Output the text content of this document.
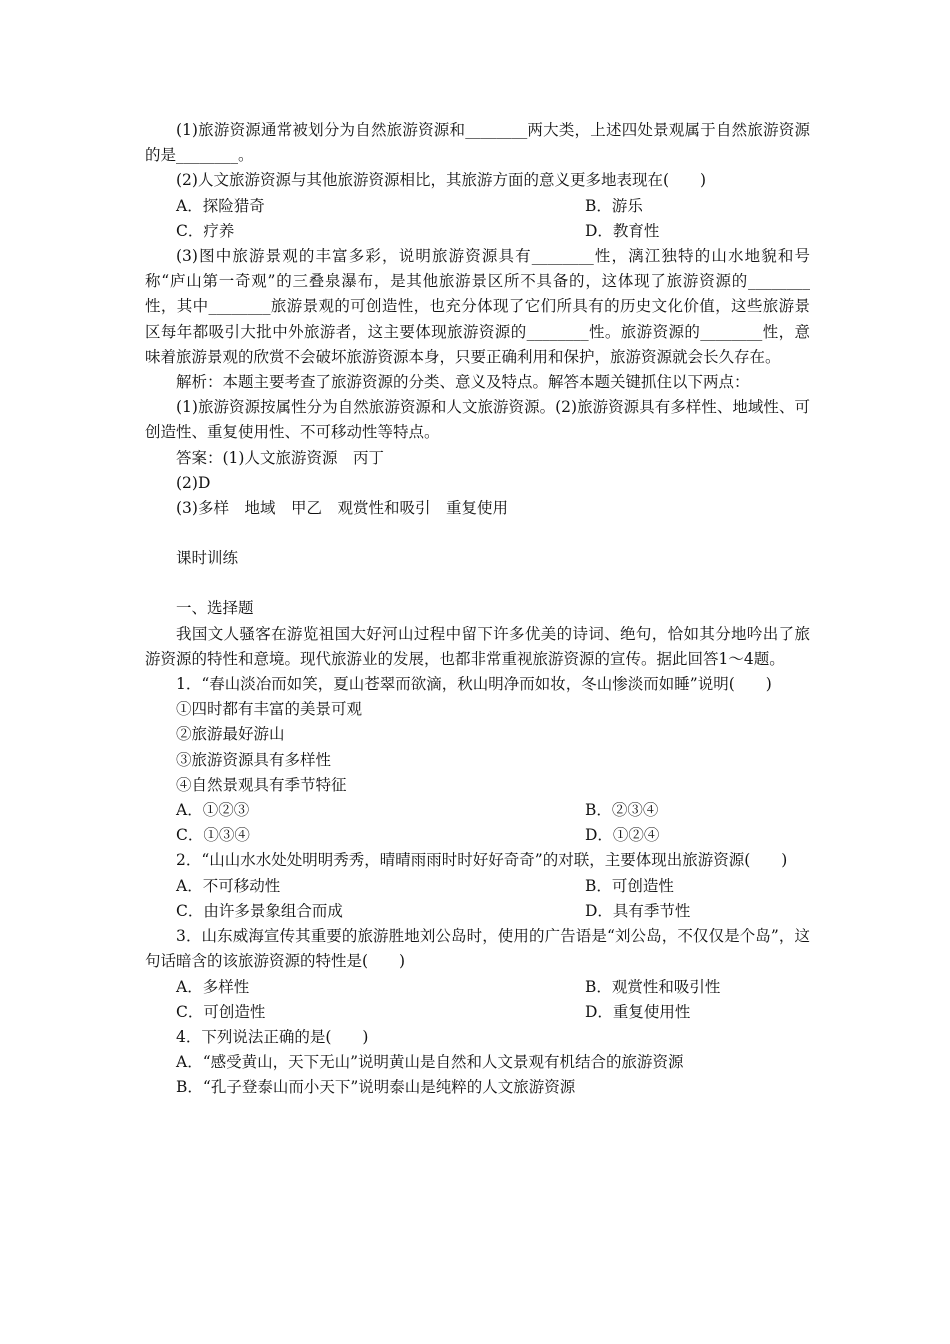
(1)旅游资源通常被划分为自然旅游资源和________两大类，上述四处景观属于自然旅游资源的是________。

(2)人文旅游资源与其他旅游资源相比，其旅游方面的意义更多地表现在(　　)

A．探险猎奇	B．游乐
C．疗养	D．教育性

(3)图中旅游景观的丰富多彩，说明旅游资源具有________性，漓江独特的山水地貌和号称“庐山第一奇观”的三叠泉瀑布，是其他旅游景区所不具备的，这体现了旅游资源的________性，其中________旅游景观的可创造性，也充分体现了它们所具有的历史文化价值，这些旅游景区每年都吸引大批中外旅游者，这主要体现旅游资源的________性。旅游资源的________性，意味着旅游景观的欣赏不会破坏旅游资源本身，只要正确利用和保护，旅游资源就会长久存在。

解析：本题主要考查了旅游资源的分类、意义及特点。解答本题关键抓住以下两点：

(1)旅游资源按属性分为自然旅游资源和人文旅游资源。(2)旅游资源具有多样性、地域性、可创造性、重复使用性、不可移动性等特点。

答案：(1)人文旅游资源　丙丁

(2)D

(3)多样　地域　甲乙　观赏性和吸引　重复使用

课时训练

一、选择题

我国文人骚客在游览祖国大好河山过程中留下许多优美的诗词、绝句，恰如其分地吟出了旅游资源的特性和意境。现代旅游业的发展，也都非常重视旅游资源的宣传。据此回答1～4题。

1．“春山淡冶而如笑，夏山苍翠而欲滴，秋山明净而如妆，冬山惨淡而如睡”说明(　　)

①四时都有丰富的美景可观

②旅游最好游山

③旅游资源具有多样性

④自然景观具有季节特征

A．①②③	B．②③④
C．①③④	D．①②④

2．“山山水水处处明明秀秀，晴晴雨雨时时好好奇奇”的对联，主要体现出旅游资源(　　)

A．不可移动性	B．可创造性
C．由许多景象组合而成	D．具有季节性

3．山东威海宣传其重要的旅游胜地刘公岛时，使用的广告语是“刘公岛，不仅仅是个岛”，这句话暗含的该旅游资源的特性是(　　)

A．多样性	B．观赏性和吸引性
C．可创造性	D．重复使用性

4．下列说法正确的是(　　)

A．“感受黄山，天下无山”说明黄山是自然和人文景观有机结合的旅游资源

B．“孔子登泰山而小天下”说明泰山是纯粹的人文旅游资源
